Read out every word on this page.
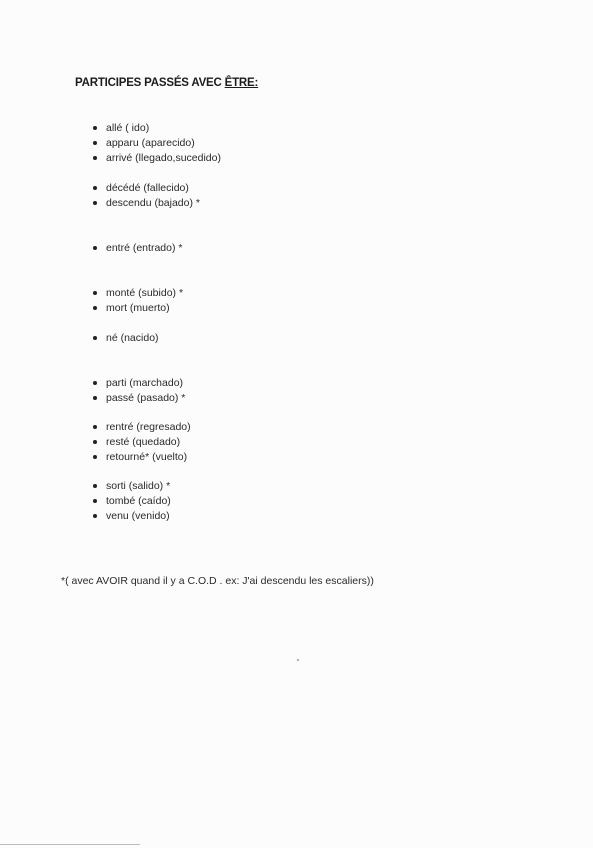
PARTICIPES PASSÉS AVEC ÊTRE:
allé ( ido)
apparu (aparecido)
arrivé (llegado,sucedido)
décédé (fallecido)
descendu (bajado) *
entré (entrado) *
monté (subido) *
mort (muerto)
né (nacido)
parti (marchado)
passé (pasado) *
rentré (regresado)
resté (quedado)
retourné* (vuelto)
sorti (salido) *
tombé (caído)
venu (venido)
*( avec AVOIR quand il y a C.O.D . ex: J'ai descendu les escaliers))
